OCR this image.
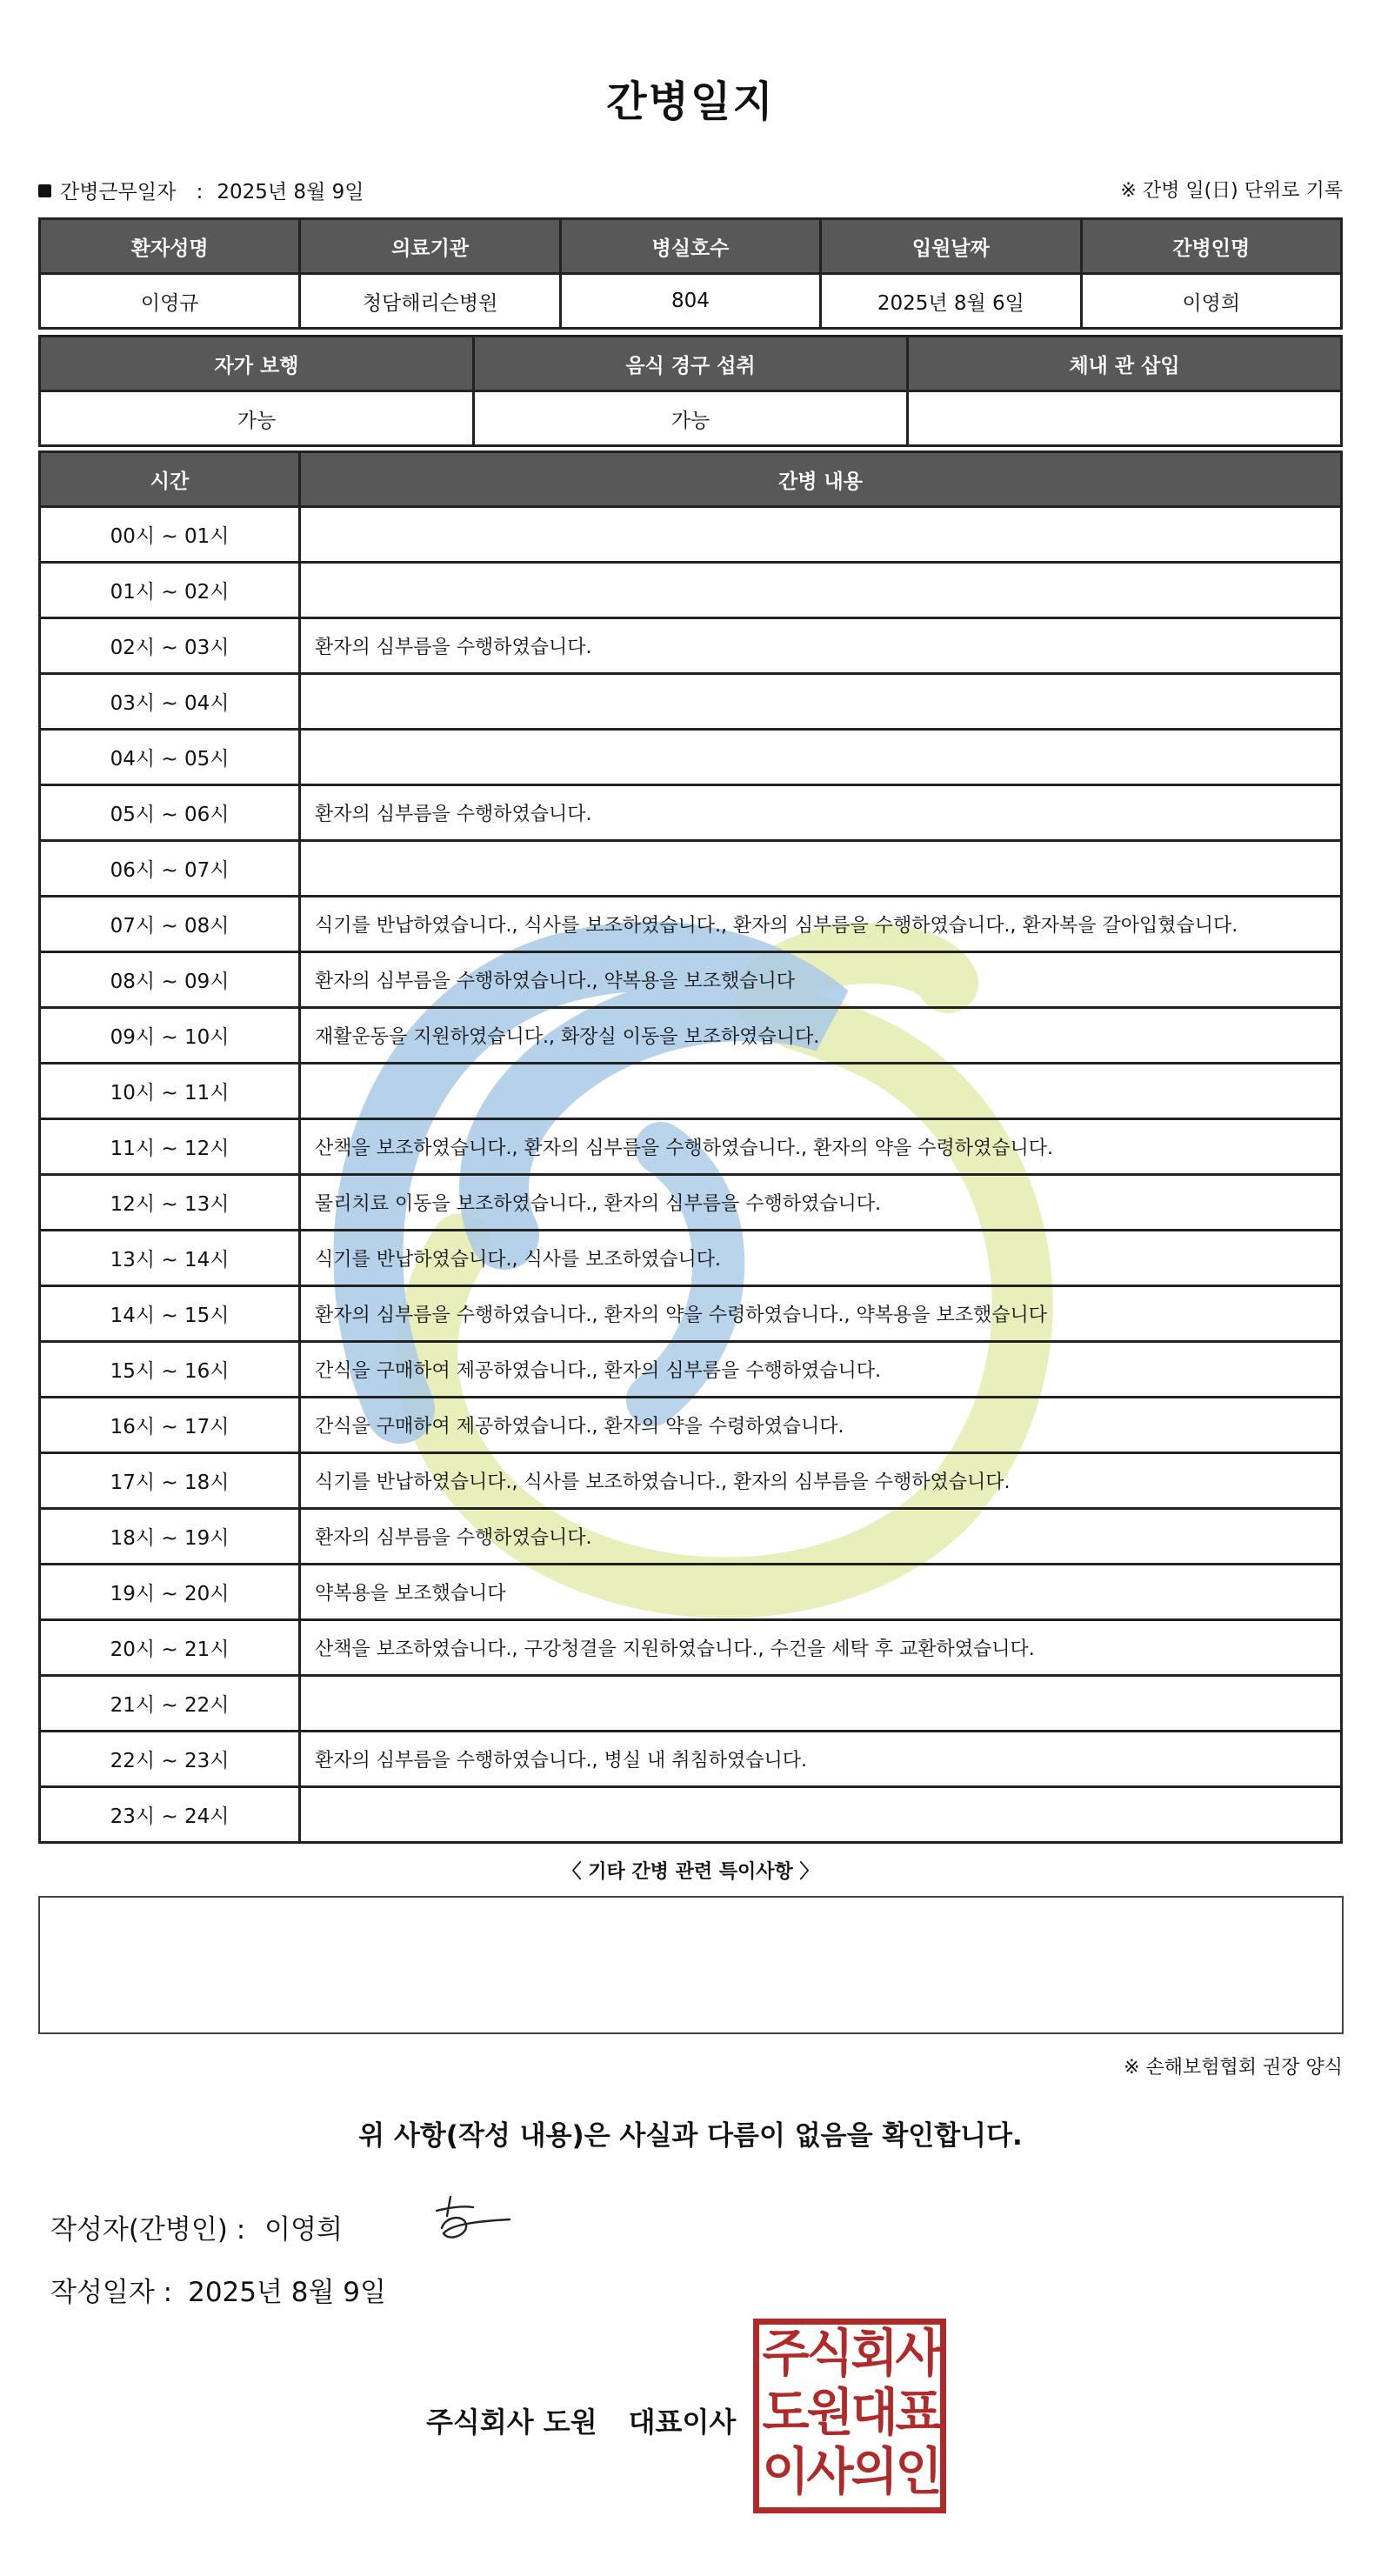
간병일지
간병근무일자 : 2025년 8월 9일	※ 간병 일(日) 단위로 기록
환자성명	의료기관	병실호수	입원날짜	간병인명
이영규	청담해리슨병원	804	2025년 8월 6일	이영희
자가 보행	음식 경구 섭취	체내 관 삽입
가능	가능	
시간	간병 내용
00시 ~ 01시	
01시 ~ 02시	
02시 ~ 03시	환자의 심부름을 수행하였습니다.
03시 ~ 04시	
04시 ~ 05시	
05시 ~ 06시	환자의 심부름을 수행하였습니다.
06시 ~ 07시	
07시 ~ 08시	식기를 반납하였습니다., 식사를 보조하였습니다., 환자의 심부름을 수행하였습니다., 환자복을 갈아입혔습니다.
08시 ~ 09시	환자의 심부름을 수행하였습니다., 약복용을 보조했습니다
09시 ~ 10시	재활운동을 지원하였습니다., 화장실 이동을 보조하였습니다.
10시 ~ 11시	
11시 ~ 12시	산책을 보조하였습니다., 환자의 심부름을 수행하였습니다., 환자의 약을 수령하였습니다.
12시 ~ 13시	물리치료 이동을 보조하였습니다., 환자의 심부름을 수행하였습니다.
13시 ~ 14시	식기를 반납하였습니다., 식사를 보조하였습니다.
14시 ~ 15시	환자의 심부름을 수행하였습니다., 환자의 약을 수령하였습니다., 약복용을 보조했습니다
15시 ~ 16시	간식을 구매하여 제공하였습니다., 환자의 심부름을 수행하였습니다.
16시 ~ 17시	간식을 구매하여 제공하였습니다., 환자의 약을 수령하였습니다.
17시 ~ 18시	식기를 반납하였습니다., 식사를 보조하였습니다., 환자의 심부름을 수행하였습니다.
18시 ~ 19시	환자의 심부름을 수행하였습니다.
19시 ~ 20시	약복용을 보조했습니다
20시 ~ 21시	산책을 보조하였습니다., 구강청결을 지원하였습니다., 수건을 세탁 후 교환하였습니다.
21시 ~ 22시	
22시 ~ 23시	환자의 심부름을 수행하였습니다., 병실 내 취침하였습니다.
23시 ~ 24시	
〈 기타 간병 관련 특이사항 〉
※ 손해보험협회 권장 양식
위 사항(작성 내용)은 사실과 다름이 없음을 확인합니다.
작성자(간병인) : 이영희
작성일자 : 2025년 8월 9일
주식회사 도원 대표이사
주 식 회 사
도 원 대 표
이 사 의 인
